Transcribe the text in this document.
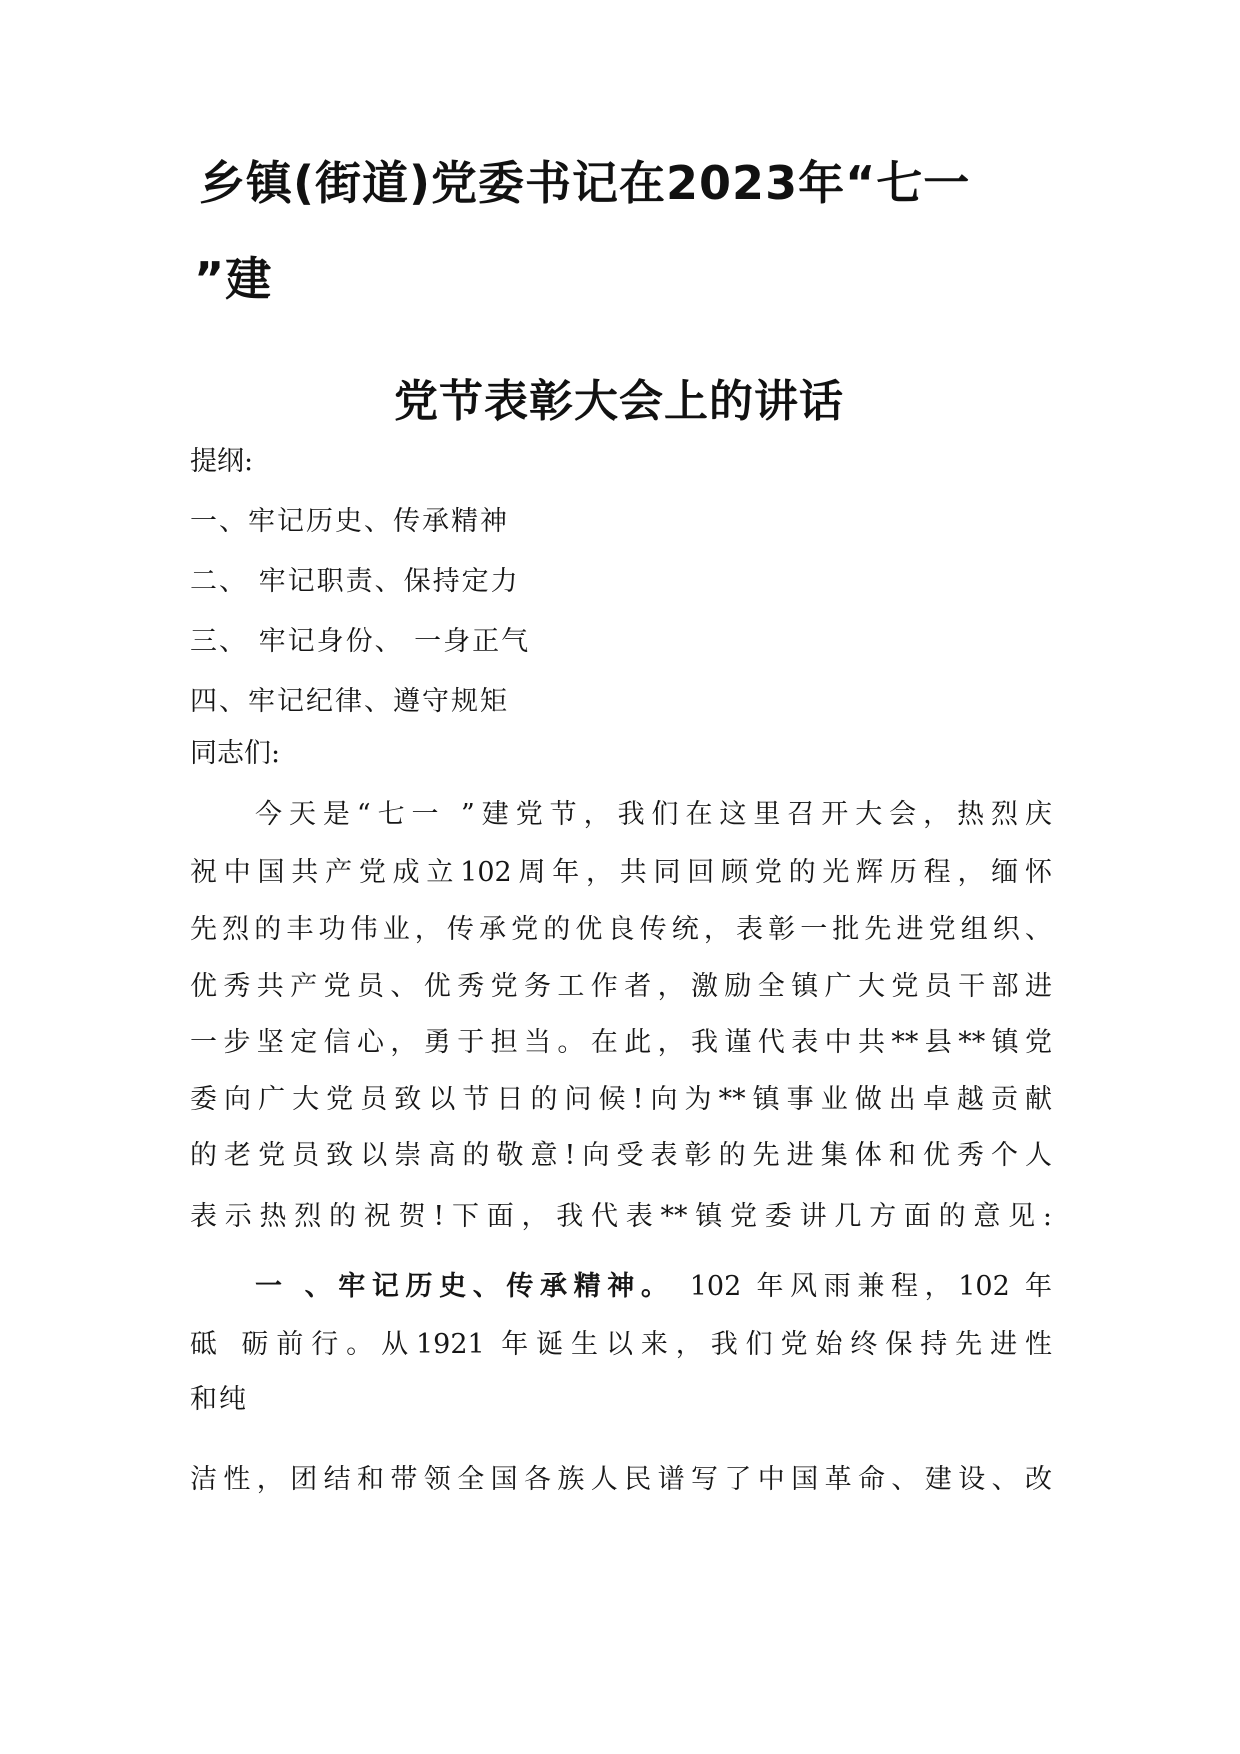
乡镇(街道)党委书记在2023年“七一
”建
党节表彰大会上的讲话
提纲:
一、牢记历史、传承精神
二、 牢记职责、保持定力
三、 牢记身份、 一身正气
四、牢记纪律、遵守规矩
同志们:
今天是“七一 ”建党节，我们在这里召开大会，热烈庆
祝中国共产党成立102周年，共同回顾党的光辉历程，缅怀
先烈的丰功伟业，传承党的优良传统，表彰一批先进党组织、
优秀共产党员、优秀党务工作者，激励全镇广大党员干部进
一步坚定信心，勇于担当。在此，我谨代表中共**县**镇党
委向广大党员致以节日的问候!向为**镇事业做出卓越贡献
的老党员致以崇高的敬意!向受表彰的先进集体和优秀个人
表示热烈的祝贺!下面，我代表**镇党委讲几方面的意见:
一 、牢记历史、传承精神。 102 年风雨兼程，102 年
砥 砺前行。从1921 年诞生以来，我们党始终保持先进性
和纯
洁性，团结和带领全国各族人民谱写了中国革命、建设、改
